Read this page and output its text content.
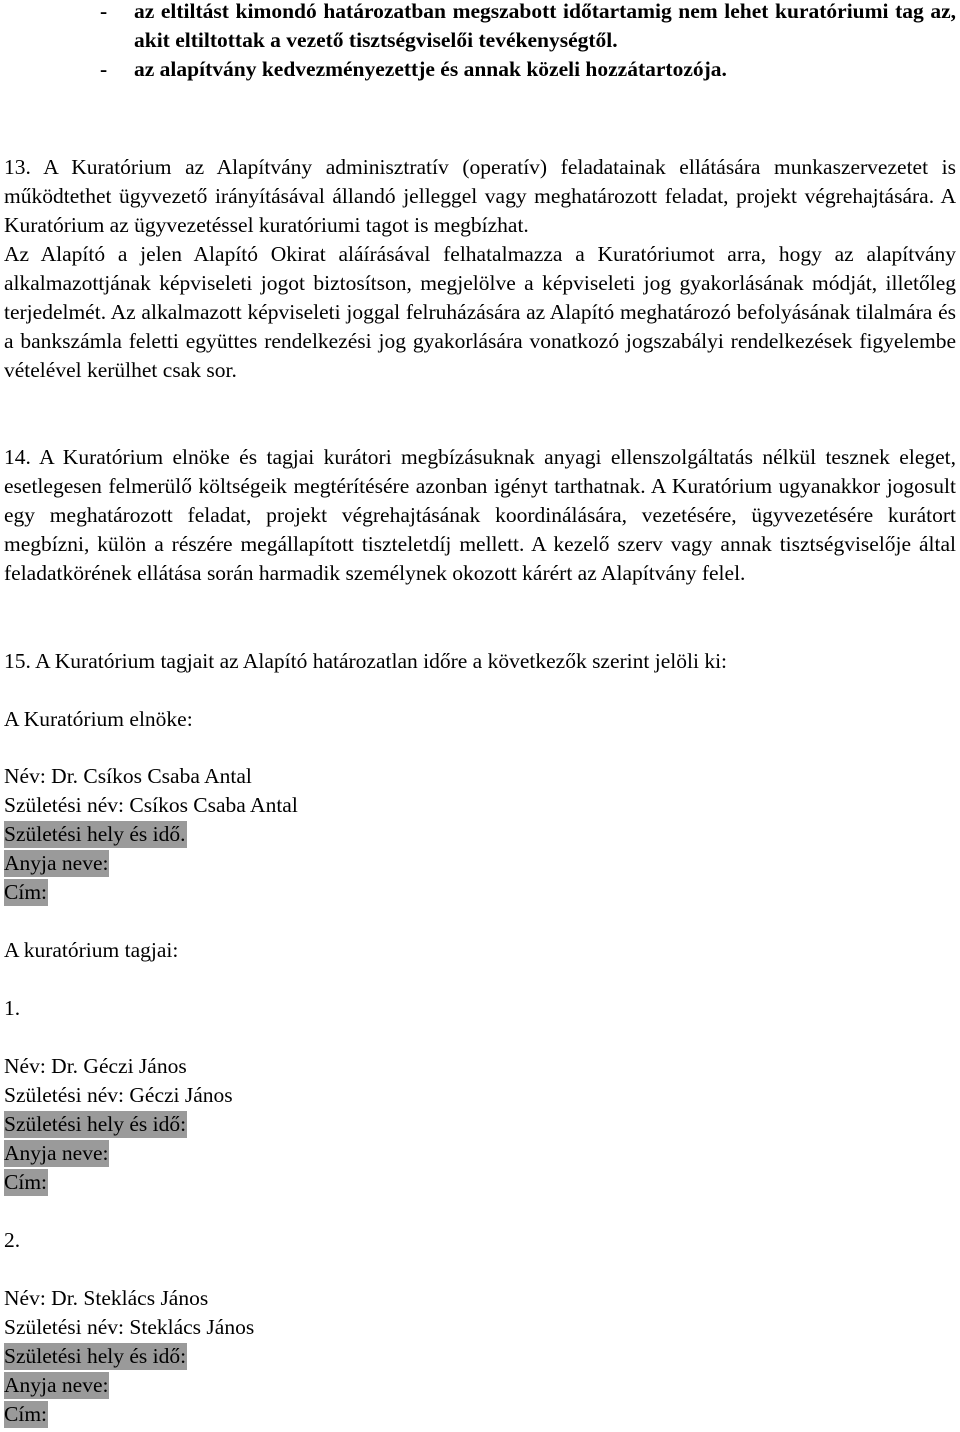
-	az eltiltást kimondó határozatban megszabott időtartamig nem lehet kuratóriumi tag az, akit eltiltottak a vezető tisztségviselői tevékenységtől.
-	az alapítvány kedvezményezettje és annak közeli hozzátartozója.

13. A Kuratórium az Alapítvány adminisztratív (operatív) feladatainak ellátására munkaszervezetet is működtethet ügyvezető irányításával állandó jelleggel vagy meghatározott feladat, projekt végrehajtására. A Kuratórium az ügyvezetéssel kuratóriumi tagot is megbízhat.

Az Alapító a jelen Alapító Okirat aláírásával felhatalmazza a Kuratóriumot arra, hogy az alapítvány alkalmazottjának képviseleti jogot biztosítson, megjelölve a képviseleti jog gyakorlásának módját, illetőleg terjedelmét. Az alkalmazott képviseleti joggal felruházására az Alapító meghatározó befolyásának tilalmára és a bankszámla feletti együttes rendelkezési jog gyakorlására vonatkozó jogszabályi rendelkezések figyelembe vételével kerülhet csak sor.

14. A Kuratórium elnöke és tagjai kurátori megbízásuknak anyagi ellenszolgáltatás nélkül tesznek eleget, esetlegesen felmerülő költségeik megtérítésére azonban igényt tarthatnak. A Kuratórium ugyanakkor jogosult egy meghatározott feladat, projekt végrehajtásának koordinálására, vezetésére, ügyvezetésére kurátort megbízni, külön a részére megállapított tiszteletdíj mellett. A kezelő szerv vagy annak tisztségviselője által feladatkörének ellátása során harmadik személynek okozott kárért az Alapítvány felel.

15. A Kuratórium tagjait az Alapító határozatlan időre a következők szerint jelöli ki:

A Kuratórium elnöke:

Név: Dr. Csíkos Csaba Antal

Születési név: Csíkos Csaba Antal

Születési hely és idő.

Anyja neve:

Cím:

A kuratórium tagjai:

1.

Név: Dr. Géczi János

Születési név: Géczi János

Születési hely és idő:

Anyja neve:

Cím:

2.

Név: Dr. Steklács János

Születési név: Steklács János

Születési hely és idő:

Anyja neve:

Cím:
